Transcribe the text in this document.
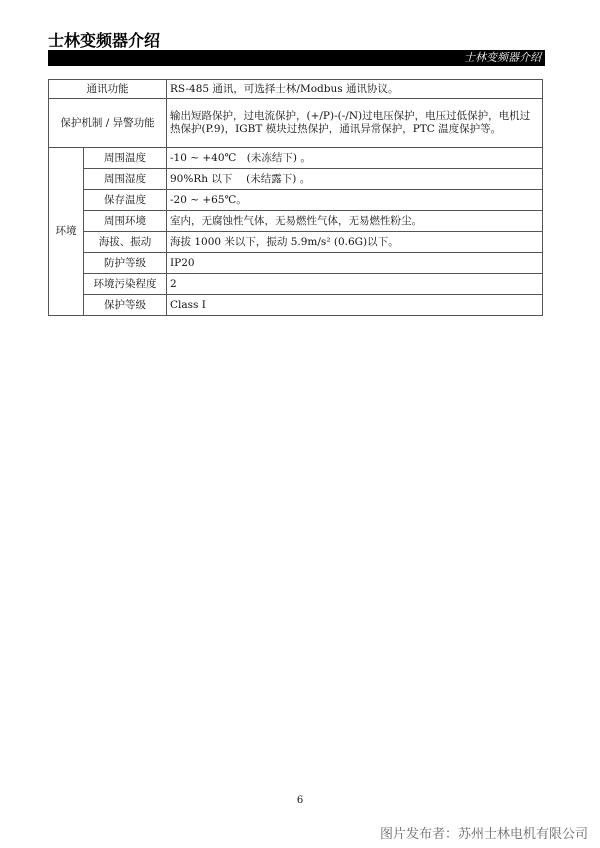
士林变频器介绍
士林变频器介绍
通讯功能		RS-485 通讯，可选择士林/Modbus 通讯协议。
保护机制 / 异警功能		输出短路保护，过电流保护，(+/P)-(-/N)过电压保护，电压过低保护，电机过热保护(P.9)，IGBT 模块过热保护，通讯异常保护，PTC 温度保护等。
环境	周围温度	-10 ~ +40℃　(未冻结下) 。
	周围湿度	90%Rh 以下　 (未结露下) 。
	保存温度	-20 ~ +65℃。
	周围环境	室内，无腐蚀性气体，无易燃性气体，无易燃性粉尘。
	海拔、振动	海拔 1000 米以下，振动 5.9m/s² (0.6G)以下。
	防护等级	IP20
	环境污染程度	2
	保护等级	Class I
6
图片发布者：苏州士林电机有限公司
